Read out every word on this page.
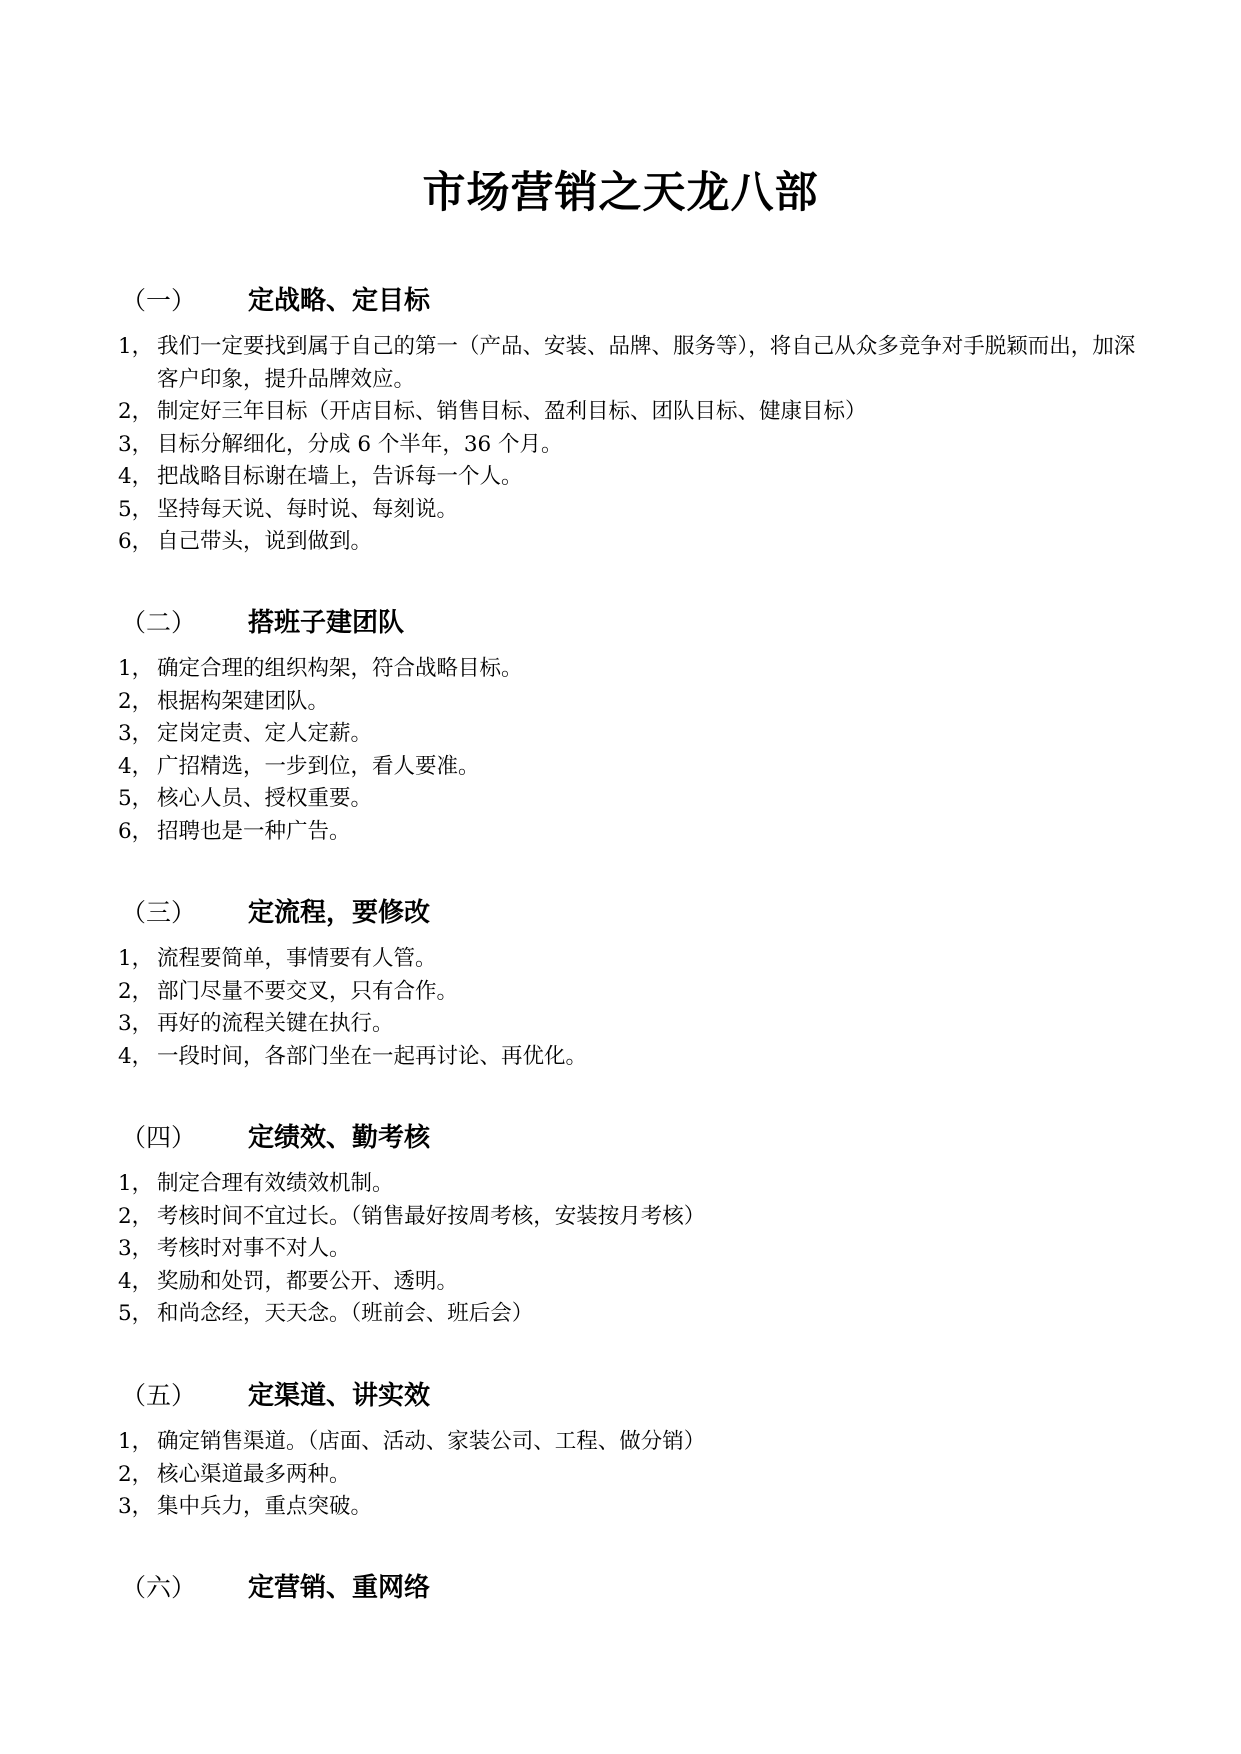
市场营销之天龙八部
（一） 定战略、定目标
1， 我们一定要找到属于自己的第一（产品、安装、品牌、服务等），将自己从众多竞争对手脱颖而出，加深客户印象，提升品牌效应。
2， 制定好三年目标（开店目标、销售目标、盈利目标、团队目标、健康目标）
3， 目标分解细化，分成 6 个半年，36 个月。
4， 把战略目标谢在墙上，告诉每一个人。
5， 坚持每天说、每时说、每刻说。
6， 自己带头，说到做到。
（二） 搭班子建团队
1， 确定合理的组织构架，符合战略目标。
2， 根据构架建团队。
3， 定岗定责、定人定薪。
4， 广招精选，一步到位，看人要准。
5， 核心人员、授权重要。
6， 招聘也是一种广告。
（三） 定流程，要修改
1， 流程要简单，事情要有人管。
2， 部门尽量不要交叉，只有合作。
3， 再好的流程关键在执行。
4， 一段时间，各部门坐在一起再讨论、再优化。
（四） 定绩效、勤考核
1， 制定合理有效绩效机制。
2， 考核时间不宜过长。（销售最好按周考核，安装按月考核）
3， 考核时对事不对人。
4， 奖励和处罚，都要公开、透明。
5， 和尚念经，天天念。（班前会、班后会）
（五） 定渠道、讲实效
1， 确定销售渠道。（店面、活动、家装公司、工程、做分销）
2， 核心渠道最多两种。
3， 集中兵力，重点突破。
（六） 定营销、重网络
